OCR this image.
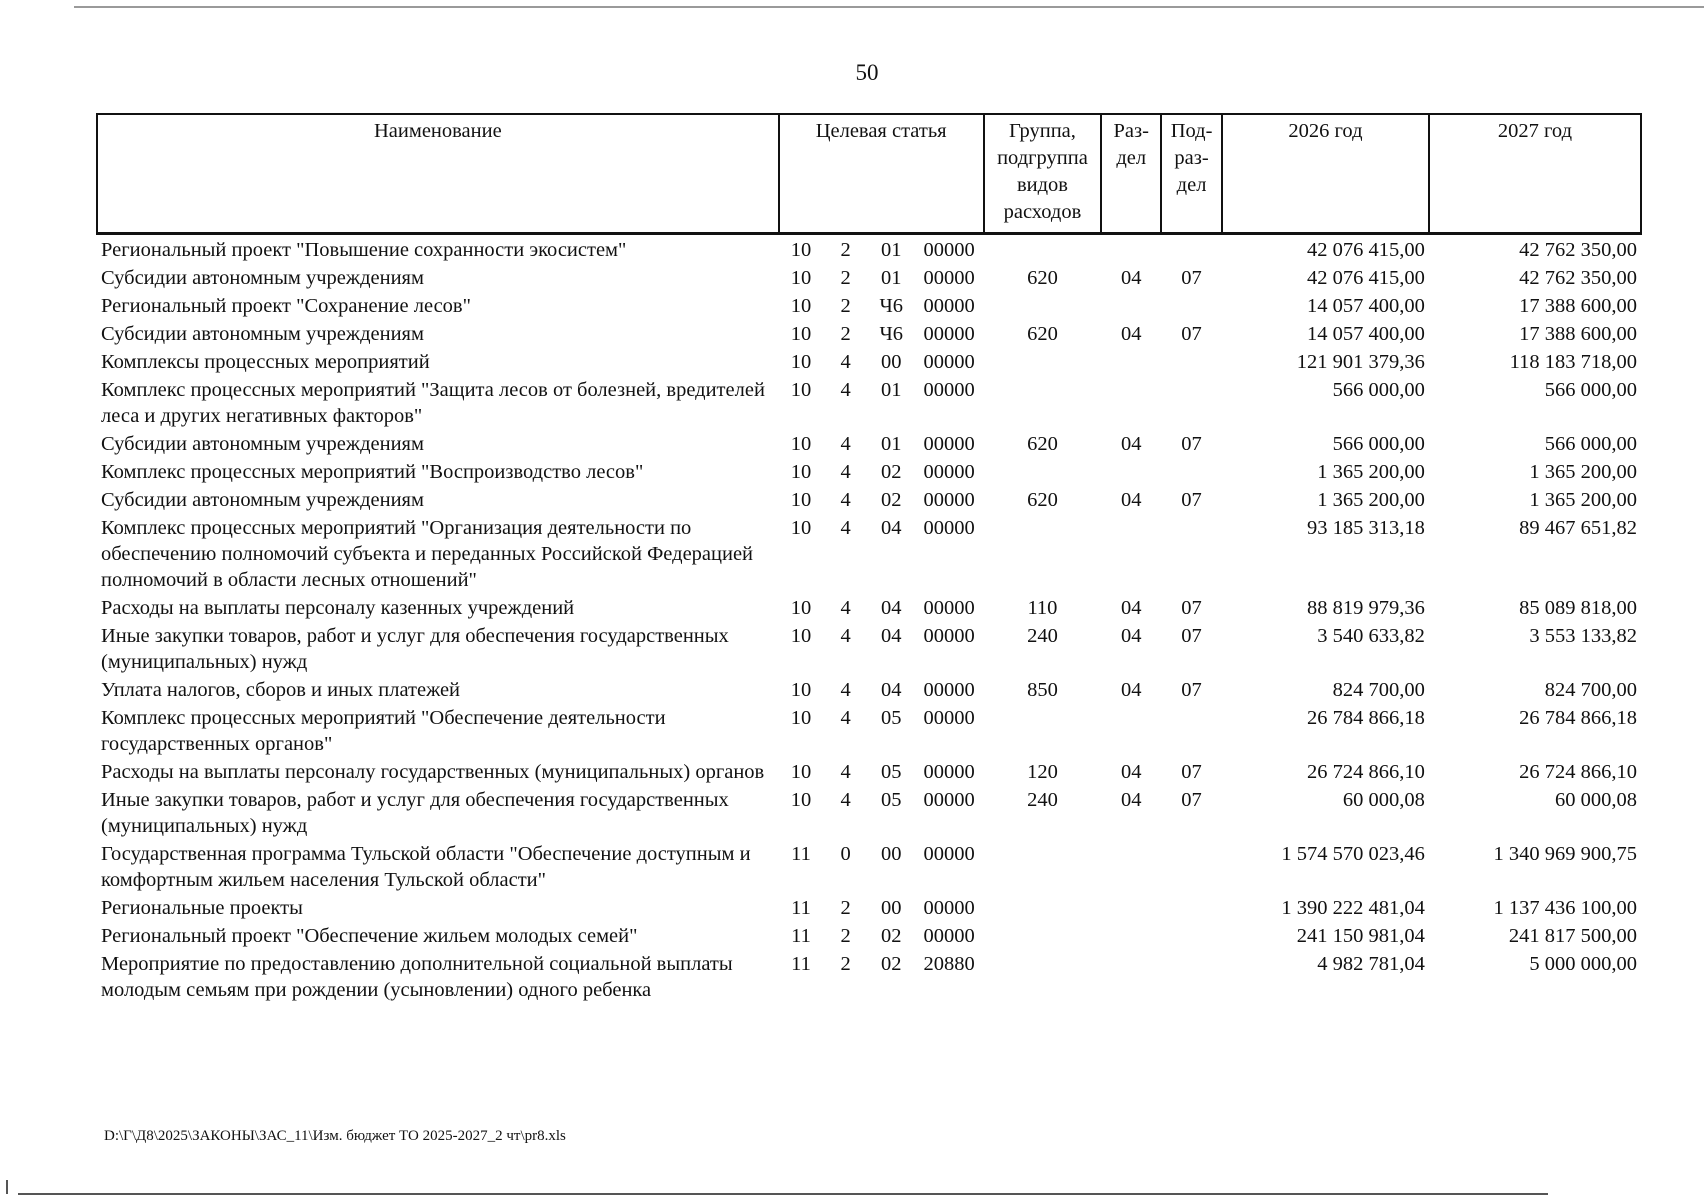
50
Наименование	Целевая статья				Группа, подгруппа видов расходов	Раз-дел	Под-раз-дел	2026 год	2027 год
Региональный проект "Повышение сохранности экосистем"	10	2	01	00000				42 076 415,00	42 762 350,00
Субсидии автономным учреждениям	10	2	01	00000	620	04	07	42 076 415,00	42 762 350,00
Региональный проект "Сохранение лесов"	10	2	Ч6	00000				14 057 400,00	17 388 600,00
Субсидии автономным учреждениям	10	2	Ч6	00000	620	04	07	14 057 400,00	17 388 600,00
Комплексы процессных мероприятий	10	4	00	00000				121 901 379,36	118 183 718,00
Комплекс процессных мероприятий "Защита лесов от болезней, вредителей леса и других негативных факторов"	10	4	01	00000				566 000,00	566 000,00
Субсидии автономным учреждениям	10	4	01	00000	620	04	07	566 000,00	566 000,00
Комплекс процессных мероприятий "Воспроизводство лесов"	10	4	02	00000				1 365 200,00	1 365 200,00
Субсидии автономным учреждениям	10	4	02	00000	620	04	07	1 365 200,00	1 365 200,00
Комплекс процессных мероприятий "Организация деятельности по обеспечению полномочий субъекта и переданных Российской Федерацией полномочий в области лесных отношений"	10	4	04	00000				93 185 313,18	89 467 651,82
Расходы на выплаты персоналу казенных учреждений	10	4	04	00000	110	04	07	88 819 979,36	85 089 818,00
Иные закупки товаров, работ и услуг для обеспечения государственных (муниципальных) нужд	10	4	04	00000	240	04	07	3 540 633,82	3 553 133,82
Уплата налогов, сборов и иных платежей	10	4	04	00000	850	04	07	824 700,00	824 700,00
Комплекс процессных мероприятий "Обеспечение деятельности государственных органов"	10	4	05	00000				26 784 866,18	26 784 866,18
Расходы на выплаты персоналу государственных (муниципальных) органов	10	4	05	00000	120	04	07	26 724 866,10	26 724 866,10
Иные закупки товаров, работ и услуг для обеспечения государственных (муниципальных) нужд	10	4	05	00000	240	04	07	60 000,08	60 000,08
Государственная программа Тульской области "Обеспечение доступным и комфортным жильем населения Тульской области"	11	0	00	00000				1 574 570 023,46	1 340 969 900,75
Региональные проекты	11	2	00	00000				1 390 222 481,04	1 137 436 100,00
Региональный проект "Обеспечение жильем молодых семей"	11	2	02	00000				241 150 981,04	241 817 500,00
Мероприятие по предоставлению дополнительной социальной выплаты молодым семьям при рождении (усыновлении) одного ребенка	11	2	02	20880				4 982 781,04	5 000 000,00
D:\Г\Д8\2025\ЗАКОНЫ\ЗАС_11\Изм. бюджет ТО 2025-2027_2 чт\pr8.xls
